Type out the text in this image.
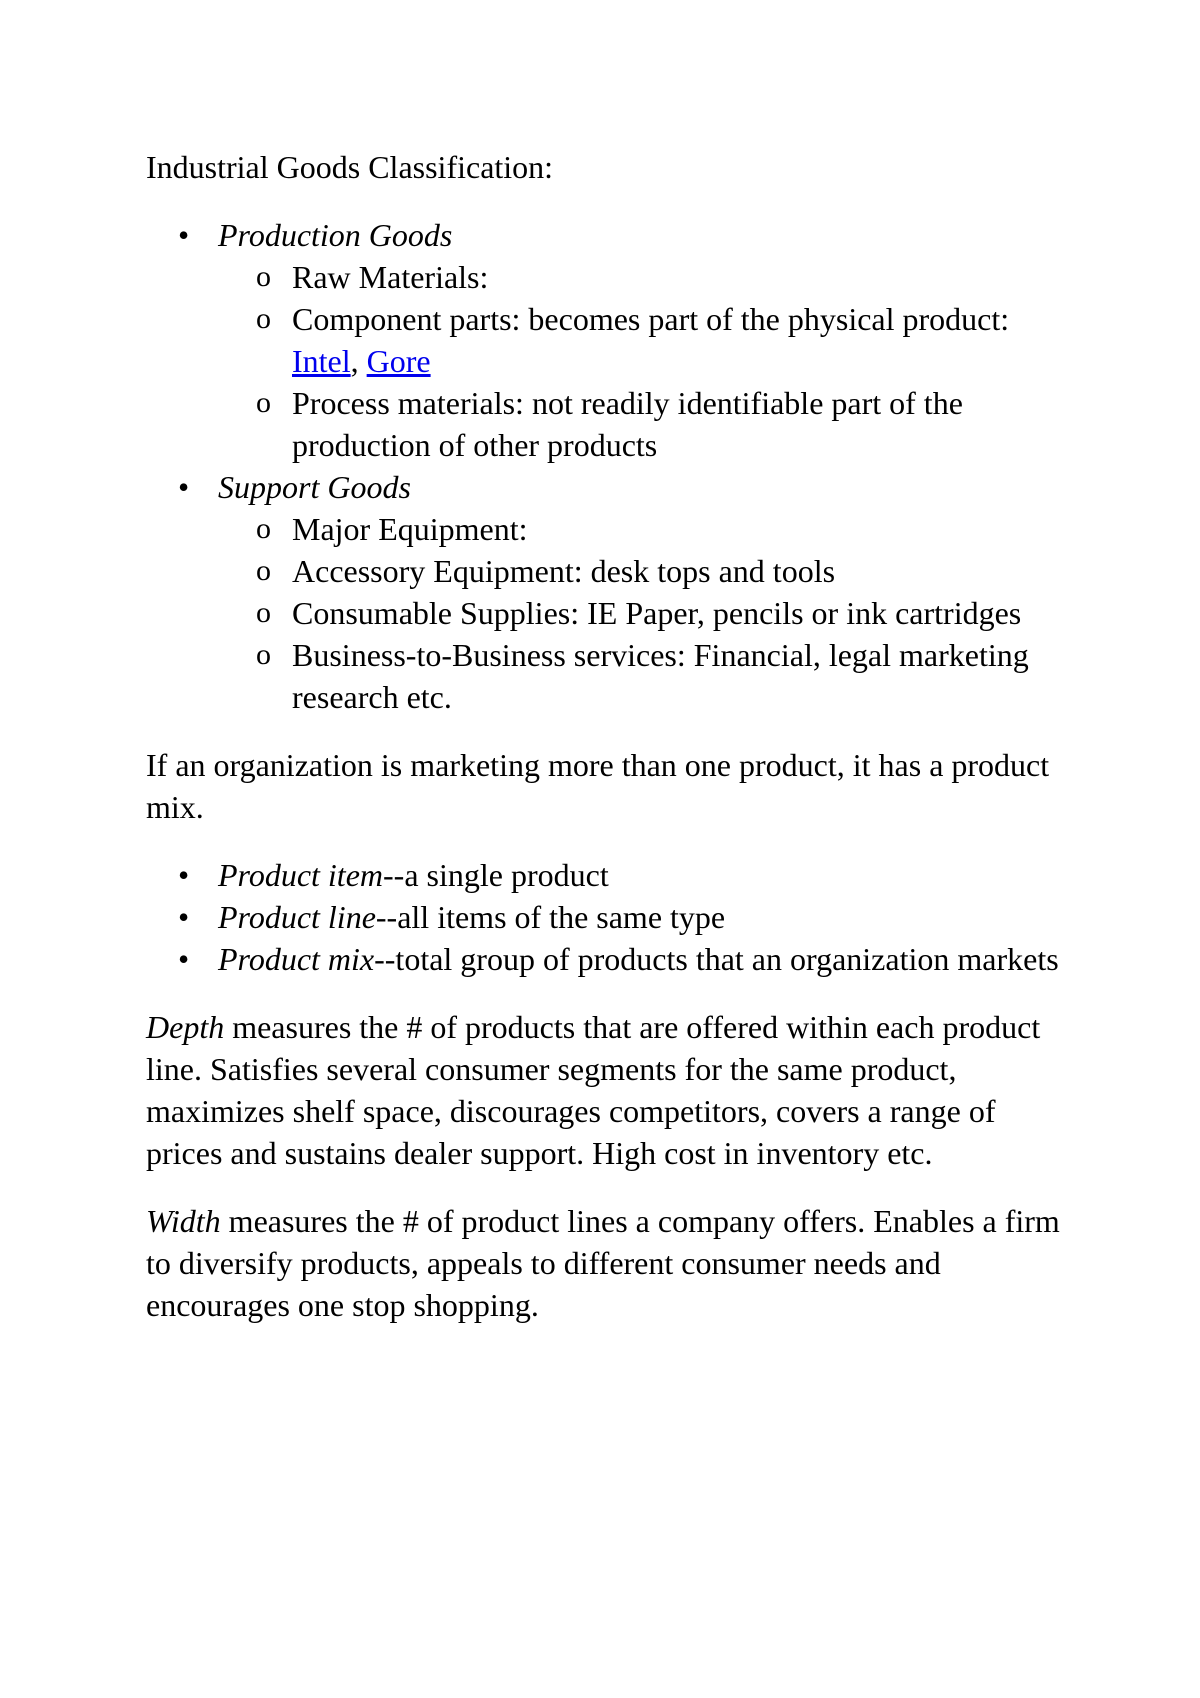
Industrial Goods Classification:

• Production Goods
o Raw Materials:
o Component parts: becomes part of the physical product: Intel, Gore
o Process materials: not readily identifiable part of the production of other products
• Support Goods
o Major Equipment:
o Accessory Equipment: desk tops and tools
o Consumable Supplies: IE Paper, pencils or ink cartridges
o Business-to-Business services: Financial, legal marketing research etc.

If an organization is marketing more than one product, it has a product mix.

• Product item--a single product
• Product line--all items of the same type
• Product mix--total group of products that an organization markets

Depth measures the # of products that are offered within each product line. Satisfies several consumer segments for the same product, maximizes shelf space, discourages competitors, covers a range of prices and sustains dealer support. High cost in inventory etc.

Width measures the # of product lines a company offers. Enables a firm to diversify products, appeals to different consumer needs and encourages one stop shopping.
